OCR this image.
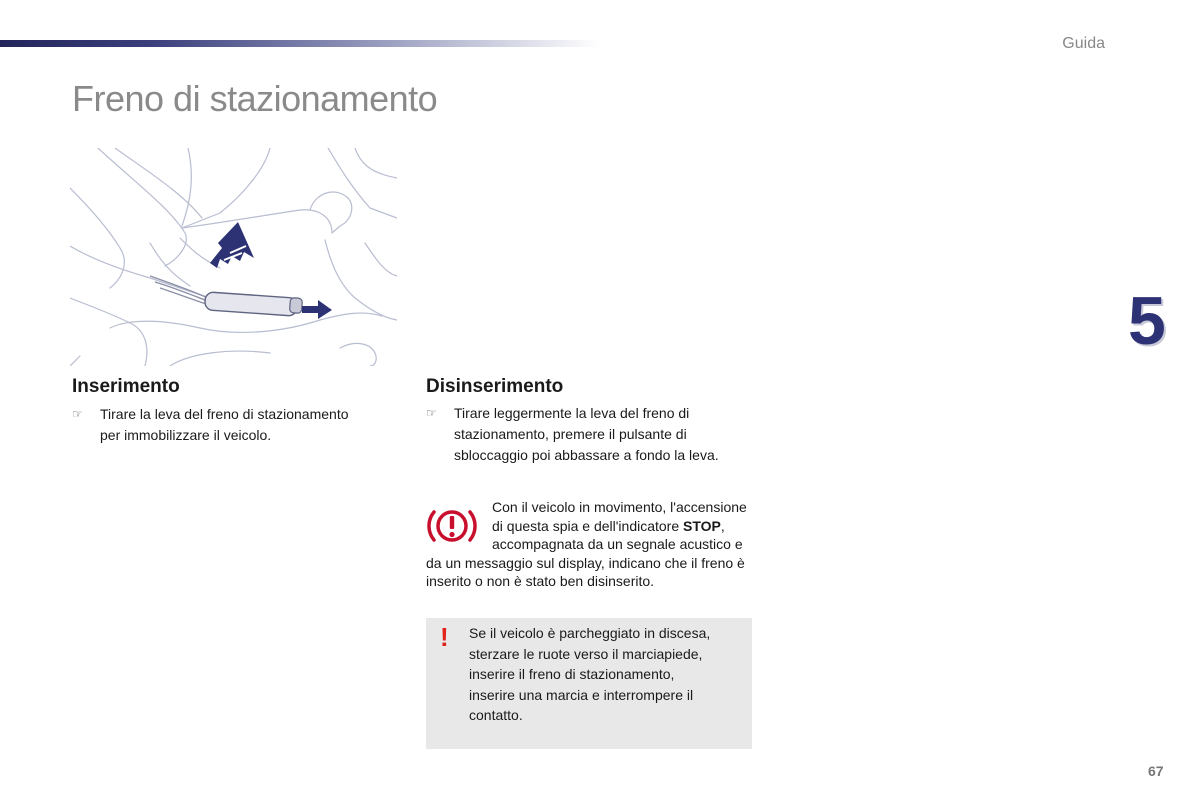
Guida
Freno di stazionamento
5
Inserimento
☞ Tirare la leva del freno di stazionamento
per immobilizzare il veicolo.
Disinserimento
☞ Tirare leggermente la leva del freno di
stazionamento, premere il pulsante di
sbloccaggio poi abbassare a fondo la leva.
Con il veicolo in movimento, l'accensione di questa spia e dell'indicatore STOP, accompagnata da un segnale acustico e da un messaggio sul display, indicano che il freno è inserito o non è stato ben disinserito.
! Se il veicolo è parcheggiato in discesa,
sterzare le ruote verso il marciapiede,
inserire il freno di stazionamento,
inserire una marcia e interrompere il
contatto.
67
